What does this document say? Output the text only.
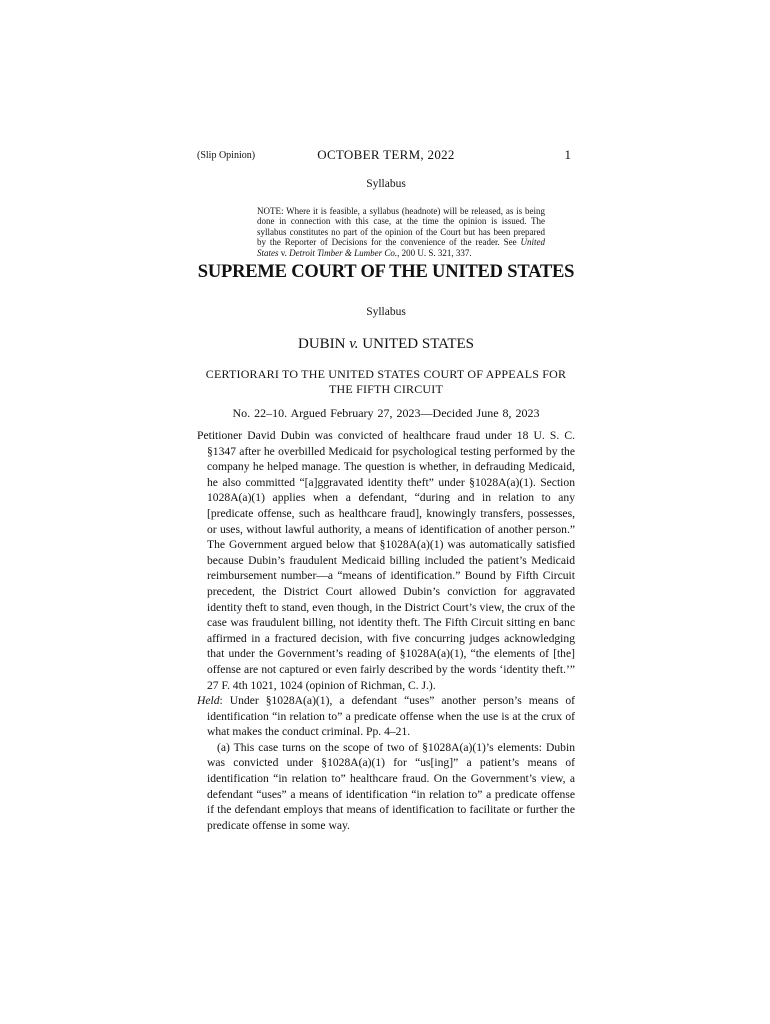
(Slip Opinion)	OCTOBER TERM, 2022	1
Syllabus
NOTE: Where it is feasible, a syllabus (headnote) will be released, as is being done in connection with this case, at the time the opinion is issued. The syllabus constitutes no part of the opinion of the Court but has been prepared by the Reporter of Decisions for the convenience of the reader. See United States v. Detroit Timber & Lumber Co., 200 U. S. 321, 337.
SUPREME COURT OF THE UNITED STATES
Syllabus
DUBIN v. UNITED STATES
CERTIORARI TO THE UNITED STATES COURT OF APPEALS FOR
THE FIFTH CIRCUIT
No. 22–10. Argued February 27, 2023—Decided June 8, 2023

Petitioner David Dubin was convicted of healthcare fraud under 18 U. S. C. §1347 after he overbilled Medicaid for psychological testing performed by the company he helped manage. The question is whether, in defrauding Medicaid, he also committed “[a]ggravated identity theft” under §1028A(a)(1). Section 1028A(a)(1) applies when a defendant, “during and in relation to any [predicate offense, such as healthcare fraud], knowingly transfers, possesses, or uses, without lawful authority, a means of identification of another person.” The Government argued below that §1028A(a)(1) was automatically satisfied because Dubin’s fraudulent Medicaid billing included the patient’s Medicaid reimbursement number—a “means of identification.” Bound by Fifth Circuit precedent, the District Court allowed Dubin’s conviction for aggravated identity theft to stand, even though, in the District Court’s view, the crux of the case was fraudulent billing, not identity theft. The Fifth Circuit sitting en banc affirmed in a fractured decision, with five concurring judges acknowledging that under the Government’s reading of §1028A(a)(1), “the elements of [the] offense are not captured or even fairly described by the words ‘identity theft.’” 27 F. 4th 1021, 1024 (opinion of Richman, C. J.).

Held: Under §1028A(a)(1), a defendant “uses” another person’s means of identification “in relation to” a predicate offense when the use is at the crux of what makes the conduct criminal. Pp. 4–21.

(a) This case turns on the scope of two of §1028A(a)(1)’s elements: Dubin was convicted under §1028A(a)(1) for “us[ing]” a patient’s means of identification “in relation to” healthcare fraud. On the Government’s view, a defendant “uses” a means of identification “in relation to” a predicate offense if the defendant employs that means of identification to facilitate or further the predicate offense in some way.
